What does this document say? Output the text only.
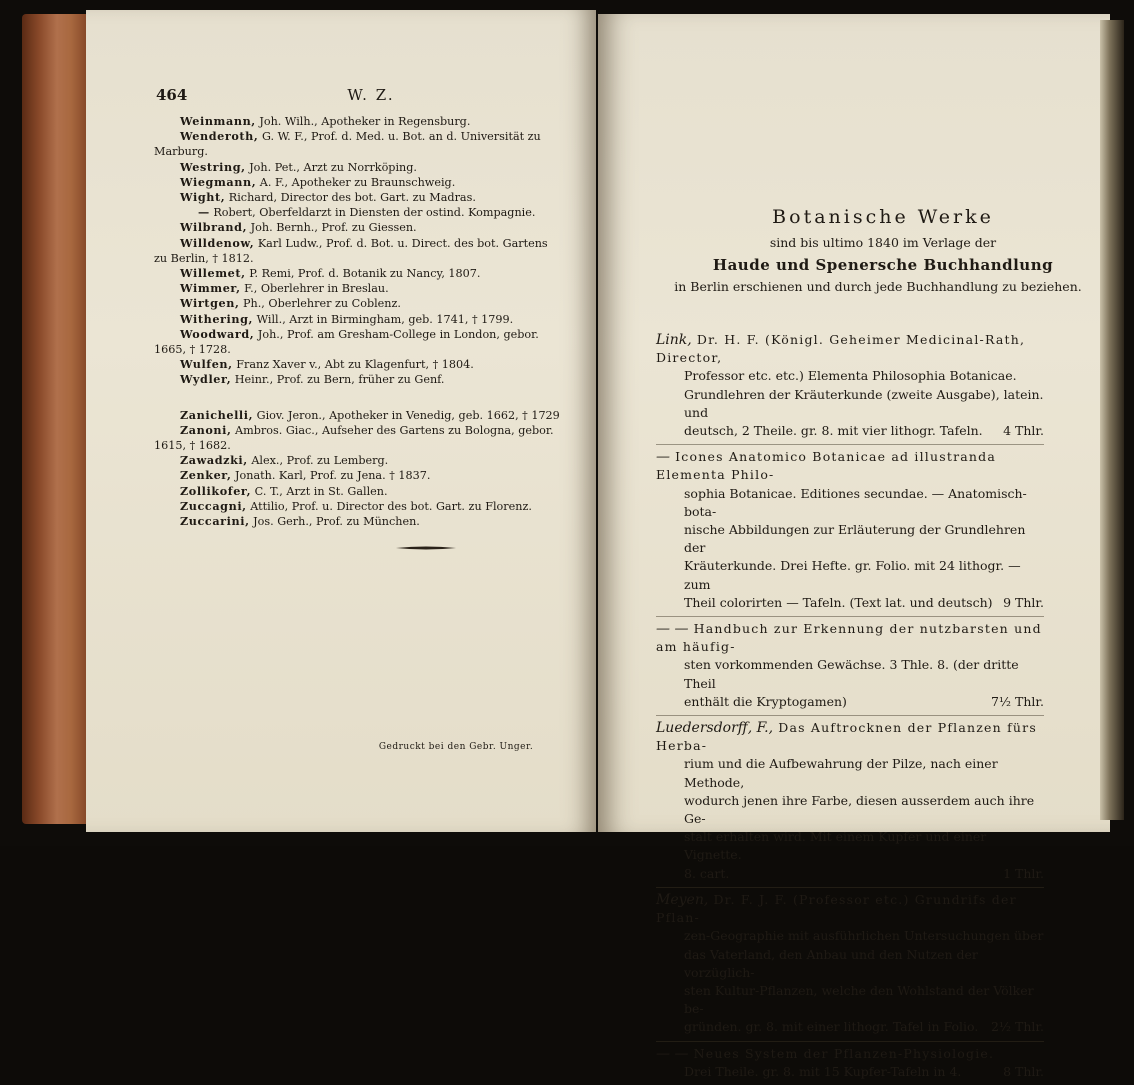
464	W. Z.
Weinmann, Joh. Wilh., Apotheker in Regensburg.
Wenderoth, G. W. F., Prof. d. Med. u. Bot. an d. Universität zu
Marburg.
Westring, Joh. Pet., Arzt zu Norrköping.
Wiegmann, A. F., Apotheker zu Braunschweig.
Wight, Richard, Director des bot. Gart. zu Madras.
— Robert, Oberfeldarzt in Diensten der ostind. Kompagnie.
Wilbrand, Joh. Bernh., Prof. zu Giessen.
Willdenow, Karl Ludw., Prof. d. Bot. u. Direct. des bot. Gartens
zu Berlin, † 1812.
Willemet, P. Remi, Prof. d. Botanik zu Nancy, 1807.
Wimmer, F., Oberlehrer in Breslau.
Wirtgen, Ph., Oberlehrer zu Coblenz.
Withering, Will., Arzt in Birmingham, geb. 1741, † 1799.
Woodward, Joh., Prof. am Gresham-College in London, gebor.
1665, † 1728.
Wulfen, Franz Xaver v., Abt zu Klagenfurt, † 1804.
Wydler, Heinr., Prof. zu Bern, früher zu Genf.
Zanichelli, Giov. Jeron., Apotheker in Venedig, geb. 1662, † 1729
Zanoni, Ambros. Giac., Aufseher des Gartens zu Bologna, gebor.
1615, † 1682.
Zawadzki, Alex., Prof. zu Lemberg.
Zenker, Jonath. Karl, Prof. zu Jena. † 1837.
Zollikofer, C. T., Arzt in St. Gallen.
Zuccagni, Attilio, Prof. u. Director des bot. Gart. zu Florenz.
Zuccarini, Jos. Gerh., Prof. zu München.
Gedruckt bei den Gebr. Unger.
Botanische Werke
sind bis ultimo 1840 im Verlage der
Haude und Spenersche Buchhandlung
in Berlin erschienen und durch jede Buchhandlung zu beziehen.
Link, Dr. H. F. (Königl. Geheimer Medicinal-Rath, Director,
Professor etc. etc.) Elementa Philosophia Botanicae.
Grundlehren der Kräuterkunde (zweite Ausgabe), latein. und
deutsch, 2 Theile. gr. 8. mit vier lithogr. Tafeln. 4 Thlr.
— Icones Anatomico Botanicae ad illustranda Elementa Philo-
sophia Botanicae. Editiones secundae. — Anatomisch-bota-
nische Abbildungen zur Erläuterung der Grundlehren der
Kräuterkunde. Drei Hefte. gr. Folio. mit 24 lithogr. — zum
Theil colorirten — Tafeln. (Text lat. und deutsch) 9 Thlr.
— — Handbuch zur Erkennung der nutzbarsten und am häufig-
sten vorkommenden Gewächse. 3 Thle. 8. (der dritte Theil
enthält die Kryptogamen)	7½ Thlr.
Luedersdorff, F., Das Auftrocknen der Pflanzen fürs Herba-
rium und die Aufbewahrung der Pilze, nach einer Methode,
wodurch jenen ihre Farbe, diesen ausserdem auch ihre Ge-
stalt erhalten wird. Mit einem Kupfer und einer Vignette.
8. cart.	1 Thlr.
Meyen, Dr. F. J. F. (Professor etc.) Grundrifs der Pflan-
zen-Geographie mit ausführlichen Untersuchungen über
das Vaterland, den Anbau und den Nutzen der vorzüglich-
sten Kultur-Pflanzen, welche den Wohlstand der Völker be-
gründen. gr. 8. mit einer lithogr. Tafel in Folio. 2½ Thlr.
— — Neues System der Pflanzen-Physiologie.
Drei Theile. gr. 8. mit 15 Kupfer-Tafeln in 4.	8 Thlr.
